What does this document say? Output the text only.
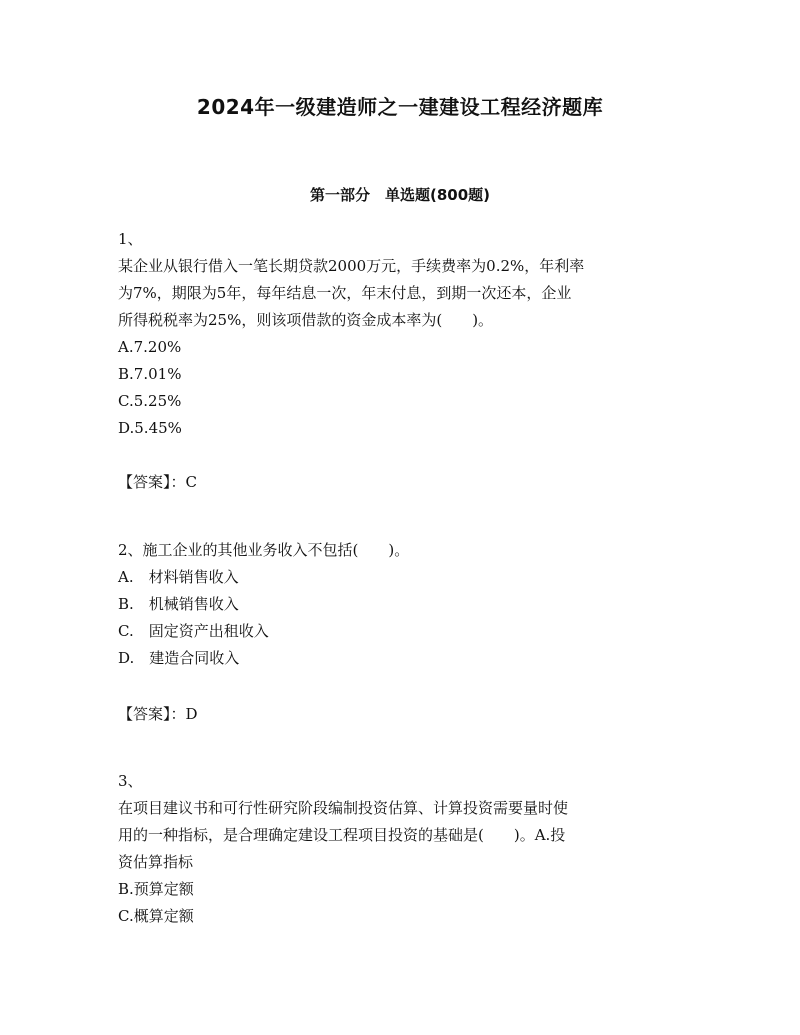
2024年一级建造师之一建建设工程经济题库
第一部分　单选题(800题)
1、
某企业从银行借入一笔长期贷款2000万元，手续费率为0.2%，年利率
为7%，期限为5年，每年结息一次，年末付息，到期一次还本，企业
所得税税率为25%，则该项借款的资金成本率为(　　)。
A.7.20%
B.7.01%
C.5.25%
D.5.45%
【答案】：C
2、施工企业的其他业务收入不包括(　　)。
A.　材料销售收入
B.　机械销售收入
C.　固定资产出租收入
D.　建造合同收入
【答案】：D
3、
在项目建议书和可行性研究阶段编制投资估算、计算投资需要量时使
用的一种指标，是合理确定建设工程项目投资的基础是(　　)。A.投
资估算指标
B.预算定额
C.概算定额
